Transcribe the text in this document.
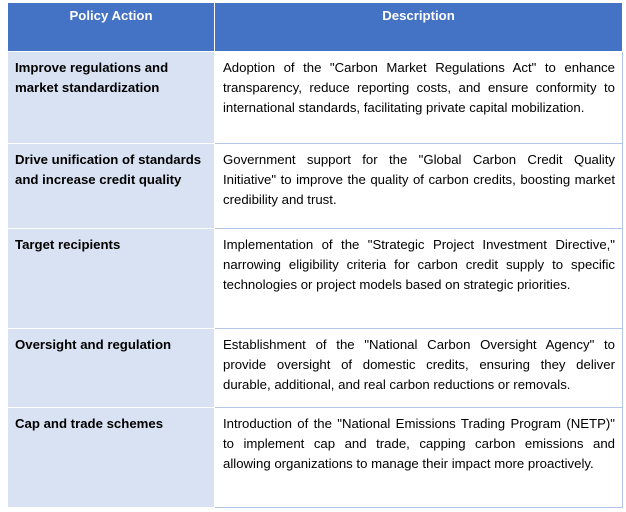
Policy Action	Description
Improve regulations and market standardization	Adoption of the "Carbon Market Regulations Act" to enhance transparency, reduce reporting costs, and ensure conformity to international standards, facilitating private capital mobilization.
Drive unification of standards and increase credit quality	Government support for the "Global Carbon Credit Quality Initiative" to improve the quality of carbon credits, boosting market credibility and trust.
Target recipients	Implementation of the "Strategic Project Investment Directive," narrowing eligibility criteria for carbon credit supply to specific technologies or project models based on strategic priorities.
Oversight and regulation	Establishment of the "National Carbon Oversight Agency" to provide oversight of domestic credits, ensuring they deliver durable, additional, and real carbon reductions or removals.
Cap and trade schemes	Introduction of the "National Emissions Trading Program (NETP)" to implement cap and trade, capping carbon emissions and allowing organizations to manage their impact more proactively.
